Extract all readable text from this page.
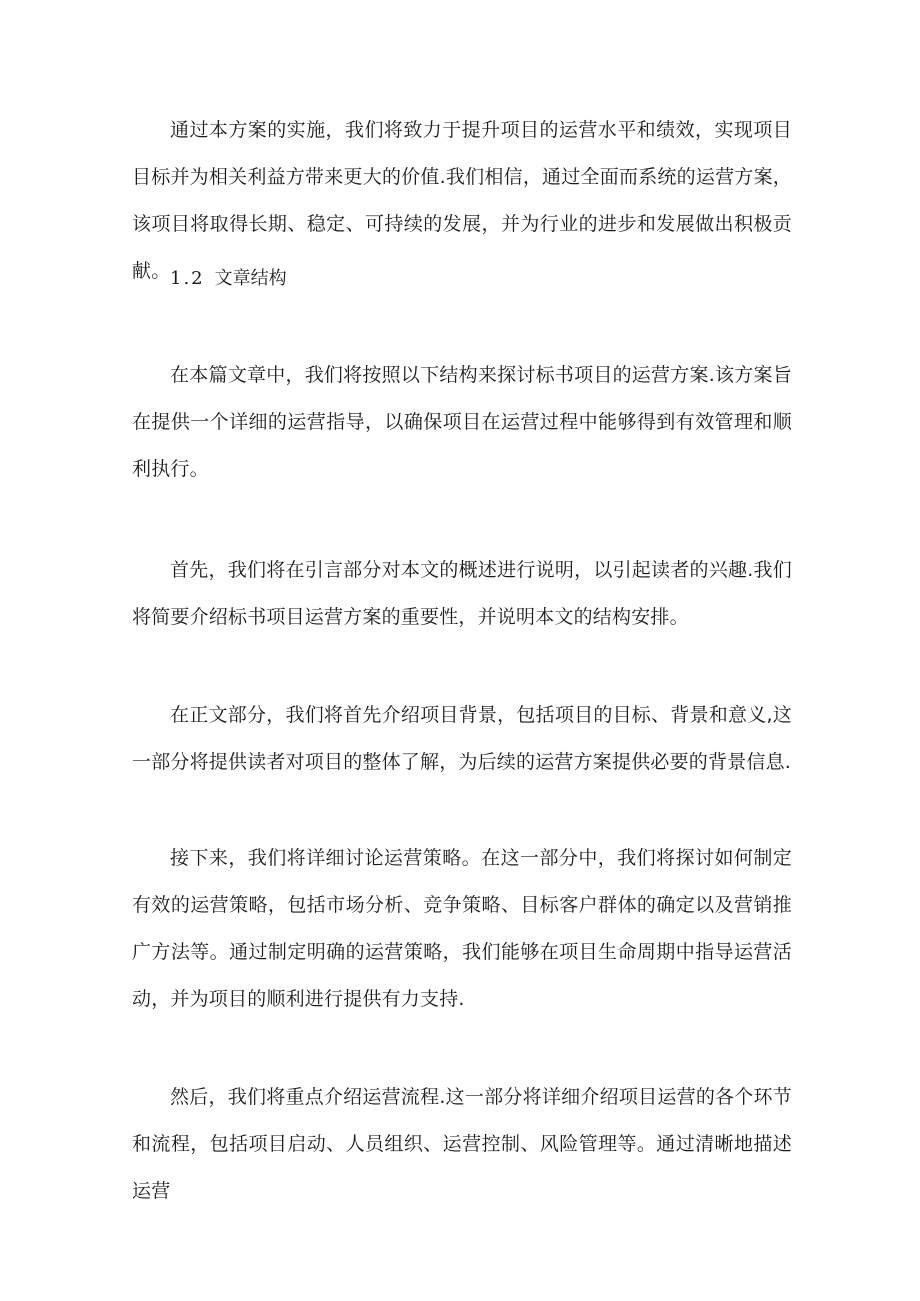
通过本方案的实施，我们将致力于提升项目的运营水平和绩效，实现项目目标并为相关利益方带来更大的价值.我们相信，通过全面而系统的运营方案，该项目将取得长期、稳定、可持续的发展，并为行业的进步和发展做出积极贡献。 1.2 文章结构

在本篇文章中，我们将按照以下结构来探讨标书项目的运营方案.该方案旨在提供一个详细的运营指导，以确保项目在运营过程中能够得到有效管理和顺利执行。

首先，我们将在引言部分对本文的概述进行说明，以引起读者的兴趣.我们将简要介绍标书项目运营方案的重要性，并说明本文的结构安排。

在正文部分，我们将首先介绍项目背景，包括项目的目标、背景和意义,这一部分将提供读者对项目的整体了解，为后续的运营方案提供必要的背景信息.

接下来，我们将详细讨论运营策略。在这一部分中，我们将探讨如何制定有效的运营策略，包括市场分析、竞争策略、目标客户群体的确定以及营销推广方法等。通过制定明确的运营策略，我们能够在项目生命周期中指导运营活动，并为项目的顺利进行提供有力支持.

然后，我们将重点介绍运营流程.这一部分将详细介绍项目运营的各个环节和流程，包括项目启动、人员组织、运营控制、风险管理等。通过清晰地描述运营
